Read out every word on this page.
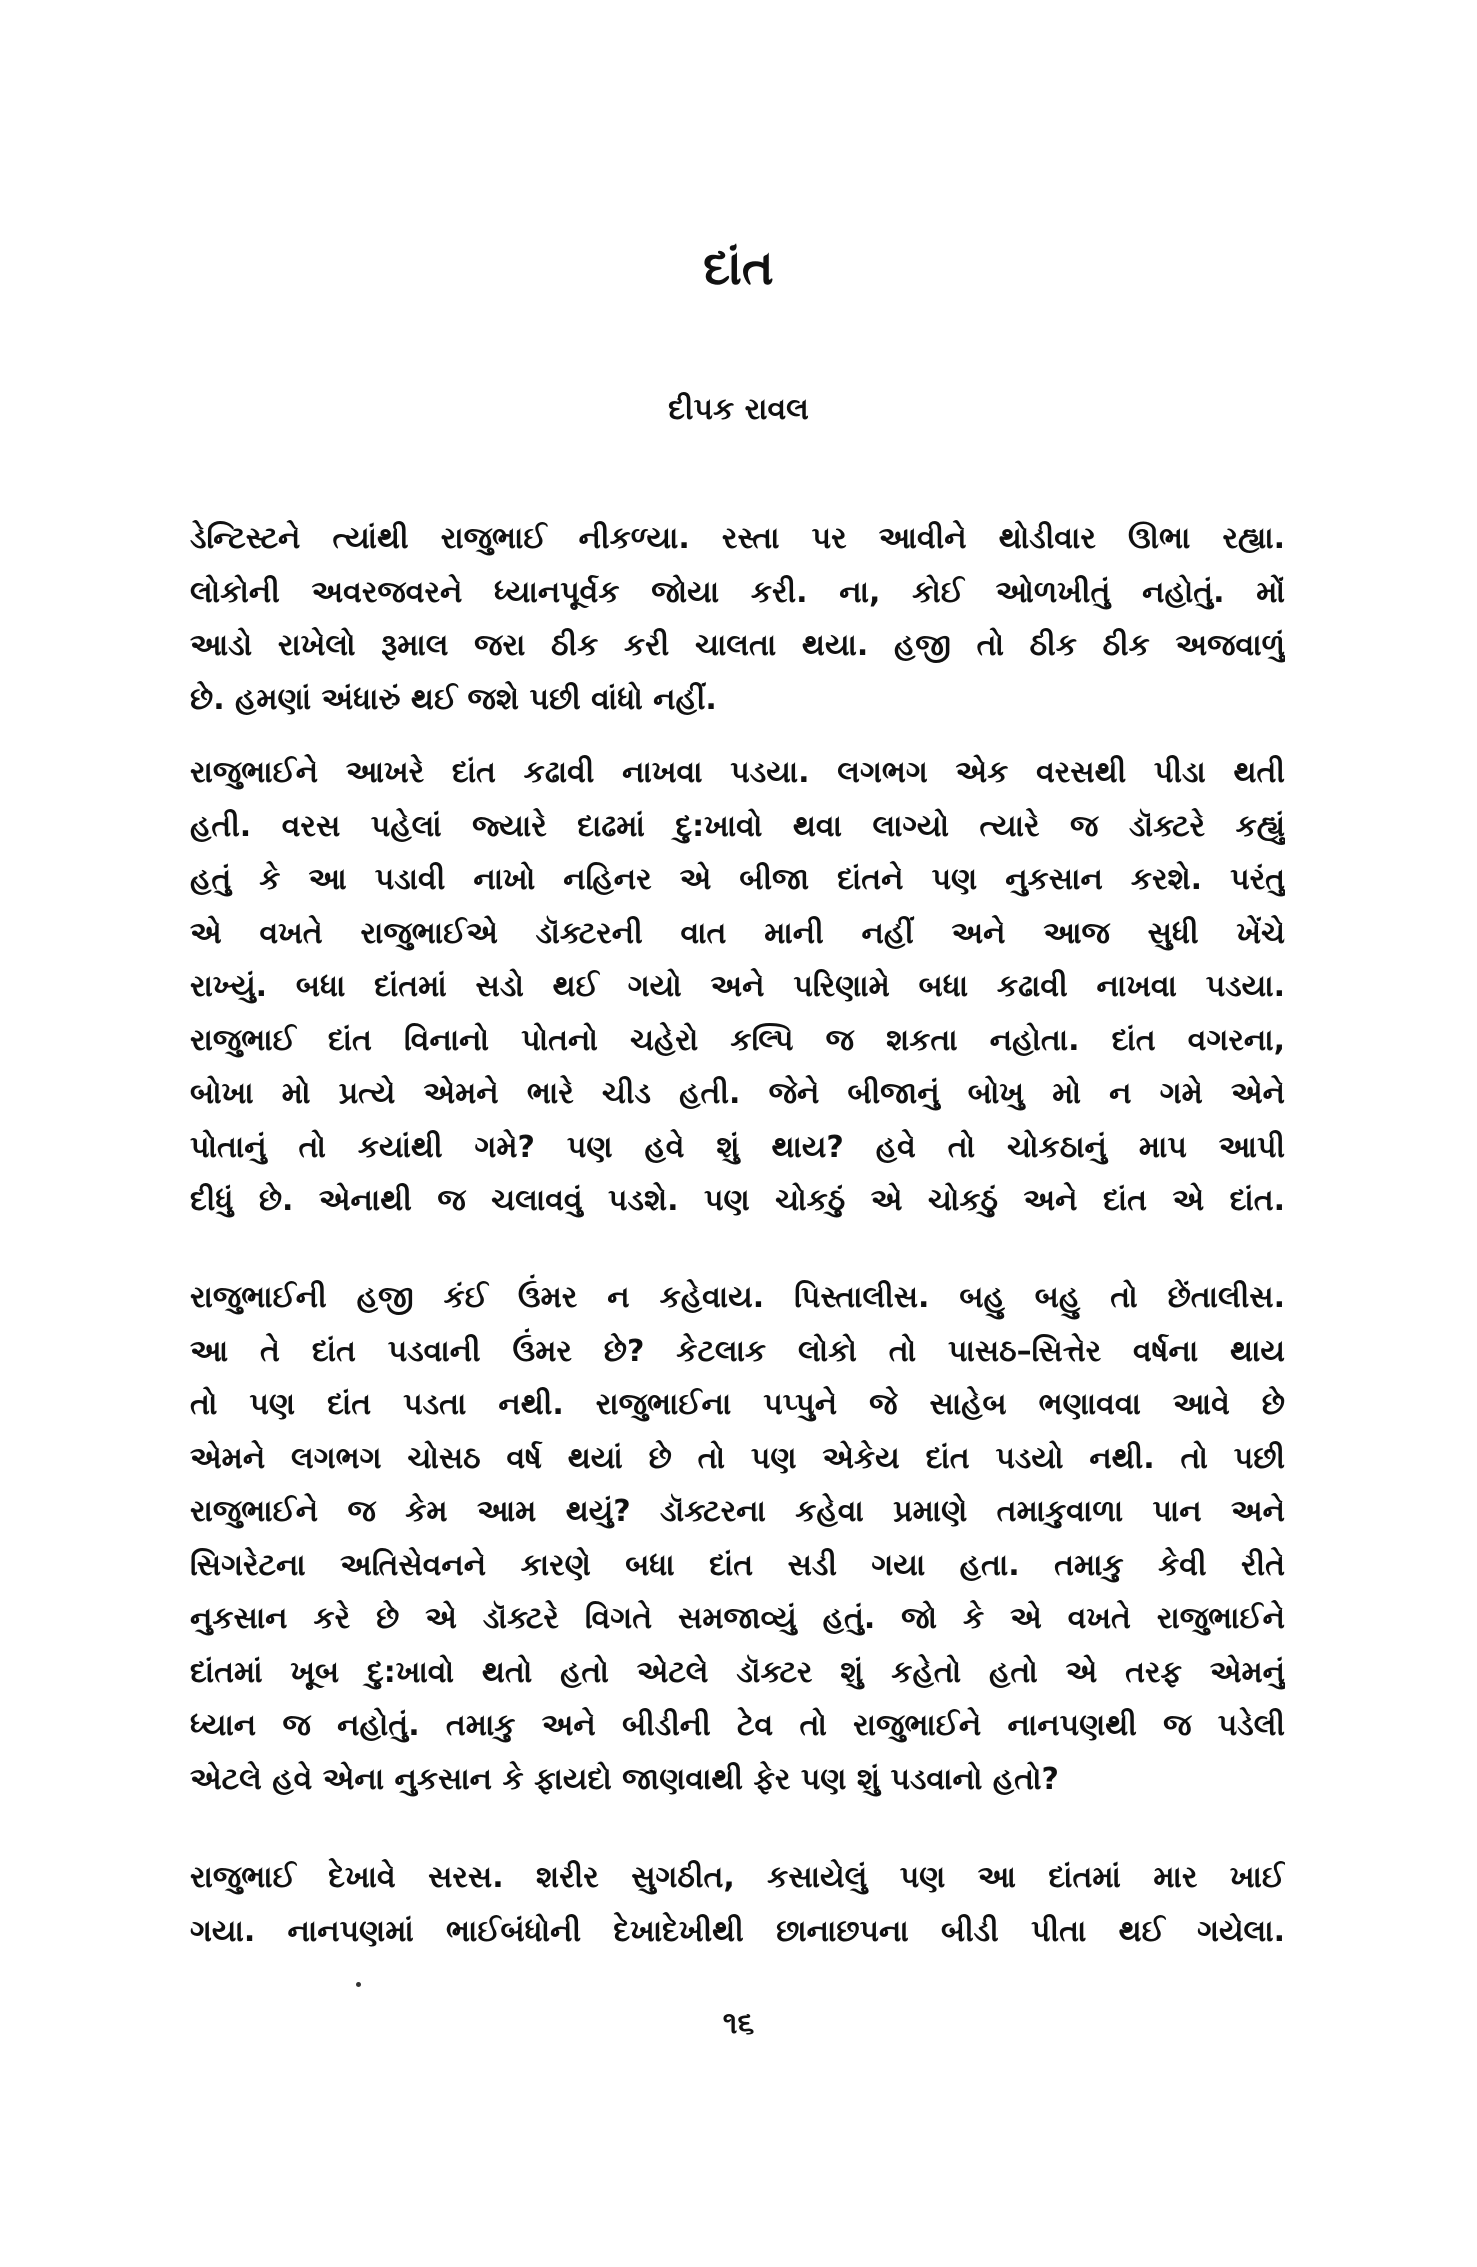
દાંત
દીપક રાવલ
ડેન્ટિસ્ટને ત્યાંથી રાજુભાઈ નીકળ્યા. રસ્તા પર આવીને થોડીવાર ઊભા રહ્યા.
લોકોની અવરજવરને ધ્યાનપૂર્વક જોયા કરી. ના, કોઈ ઓળખીતું નહોતું. મોં
આડો રાખેલો રૂમાલ જરા ઠીક કરી ચાલતા થયા. હજી તો ઠીક ઠીક અજવાળું
છે. હમણાં અંધારું થઈ જશે પછી વાંધો નહીં.
રાજુભાઈને આખરે દાંત કઢાવી નાખવા પડયા. લગભગ એક વરસથી પીડા થતી
હતી. વરસ પહેલાં જ્યારે દાઢમાં દુ:ખાવો થવા લાગ્યો ત્યારે જ ડૉક્ટરે કહ્યું
હતું કે આ પડાવી નાખો નહિનર એ બીજા દાંતને પણ નુકસાન કરશે. પરંતુ
એ વખતે રાજુભાઈએ ડૉક્ટરની વાત માની નહીં અને આજ સુધી ખેંચે
રાખ્યું. બધા દાંતમાં સડો થઈ ગયો અને પરિણામે બધા કઢાવી નાખવા પડયા.
રાજુભાઈ દાંત વિનાનો પોતનો ચહેરો કલ્પિ જ શકતા નહોતા. દાંત વગરના,
બોખા મો પ્રત્યે એમને ભારે ચીડ હતી. જેને બીજાનું બોખુ મો ન ગમે એને
પોતાનું તો કયાંથી ગમે? પણ હવે શું થાય? હવે તો ચોકઠાનું માપ આપી
દીધું છે. એનાથી જ ચલાવવું પડશે. પણ ચોકઠું એ ચોકઠું અને દાંત એ દાંત.
રાજુભાઈની હજી કંઈ ઉંમર ન કહેવાય. પિસ્તાલીસ. બહુ બહુ તો છેંતાલીસ.
આ તે દાંત પડવાની ઉંમર છે? કેટલાક લોકો તો પાસઠ–સિત્તેર વર્ષના થાય
તો પણ દાંત પડતા નથી. રાજુભાઈના પપ્પુને જે સાહેબ ભણાવવા આવે છે
એમને લગભગ ચોસઠ વર્ષ થયાં છે તો પણ એકેય દાંત પડયો નથી. તો પછી
રાજુભાઈને જ કેમ આમ થયું? ડૉક્ટરના કહેવા પ્રમાણે તમાકુવાળા પાન અને
સિગરેટના અતિસેવનને કારણે બધા દાંત સડી ગયા હતા. તમાકુ કેવી રીતે
નુકસાન કરે છે એ ડૉક્ટરે વિગતે સમજાવ્યું હતું. જો કે એ વખતે રાજુભાઈને
દાંતમાં ખૂબ દુ:ખાવો થતો હતો એટલે ડૉક્ટર શું કહેતો હતો એ તરફ એમનું
ધ્યાન જ નહોતું. તમાકુ અને બીડીની ટેવ તો રાજુભાઈને નાનપણથી જ પડેલી
એટલે હવે એના નુકસાન કે ફાયદો જાણવાથી ફેર પણ શું પડવાનો હતો?
રાજુભાઈ દેખાવે સરસ. શરીર સુગઠીત, કસાયેલું પણ આ દાંતમાં માર ખાઈ
ગયા. નાનપણમાં ભાઈબંધોની દેખાદેખીથી છાનાછપના બીડી પીતા થઈ ગયેલા.
૧૬
